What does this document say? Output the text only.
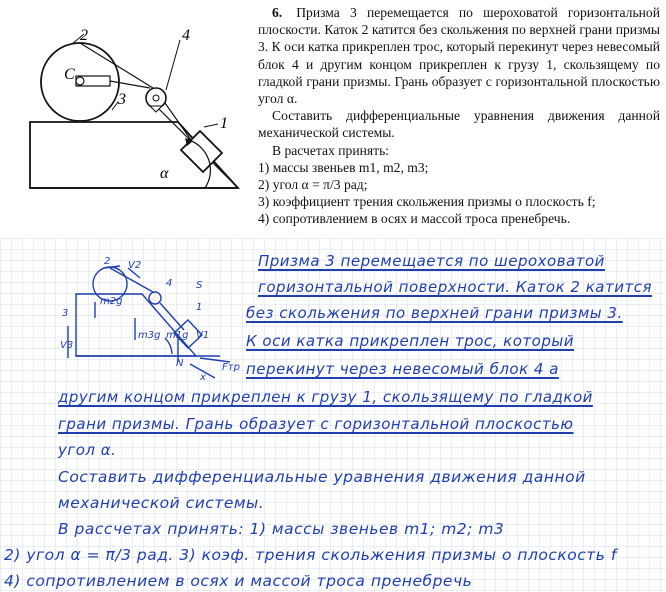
2
C
4
3
1
α

6. Призма 3 перемещается по шероховатой горизонтальной плоскости. Каток 2 катится без скольжения по верхней грани призмы 3. К оси катка прикреплен трос, который перекинут через невесомый блок 4 и другим концом прикреплен к грузу 1, скользящему по гладкой грани призмы. Грань образует с горизонтальной плоскостью угол α.

Составить дифференциальные уравнения движения данной механической системы.

В расчетах принять:

1) массы звеньев m1, m2, m3;

2) угол α = π/3 рад;

3) коэффициент трения скольжения призмы о плоскость f;

4) сопротивлением в осях и массой троса пренебречь.

2 V2
4 S
m2g
3
1
V3
m3g m1g
N
V1
Fтр
x
Призма 3 перемещается по шероховатой
горизонтальной поверхности. Каток 2 катится
без скольжения по верхней грани призмы 3.
К оси катка прикреплен трос, который
перекинут через невесомый блок 4 а
другим концом прикреплен к грузу 1, скользящему по гладкой
грани призмы. Грань образует с горизонтальной плоскостью
угол α.
Составить дифференциальные уравнения движения данной
механической системы.
В рассчетах принять: 1) массы звеньев m1; m2; m3
2) угол α = π/3 рад. 3) коэф. трения скольжения призмы о плоскость f
4) сопротивлением в осях и массой троса пренебречь
